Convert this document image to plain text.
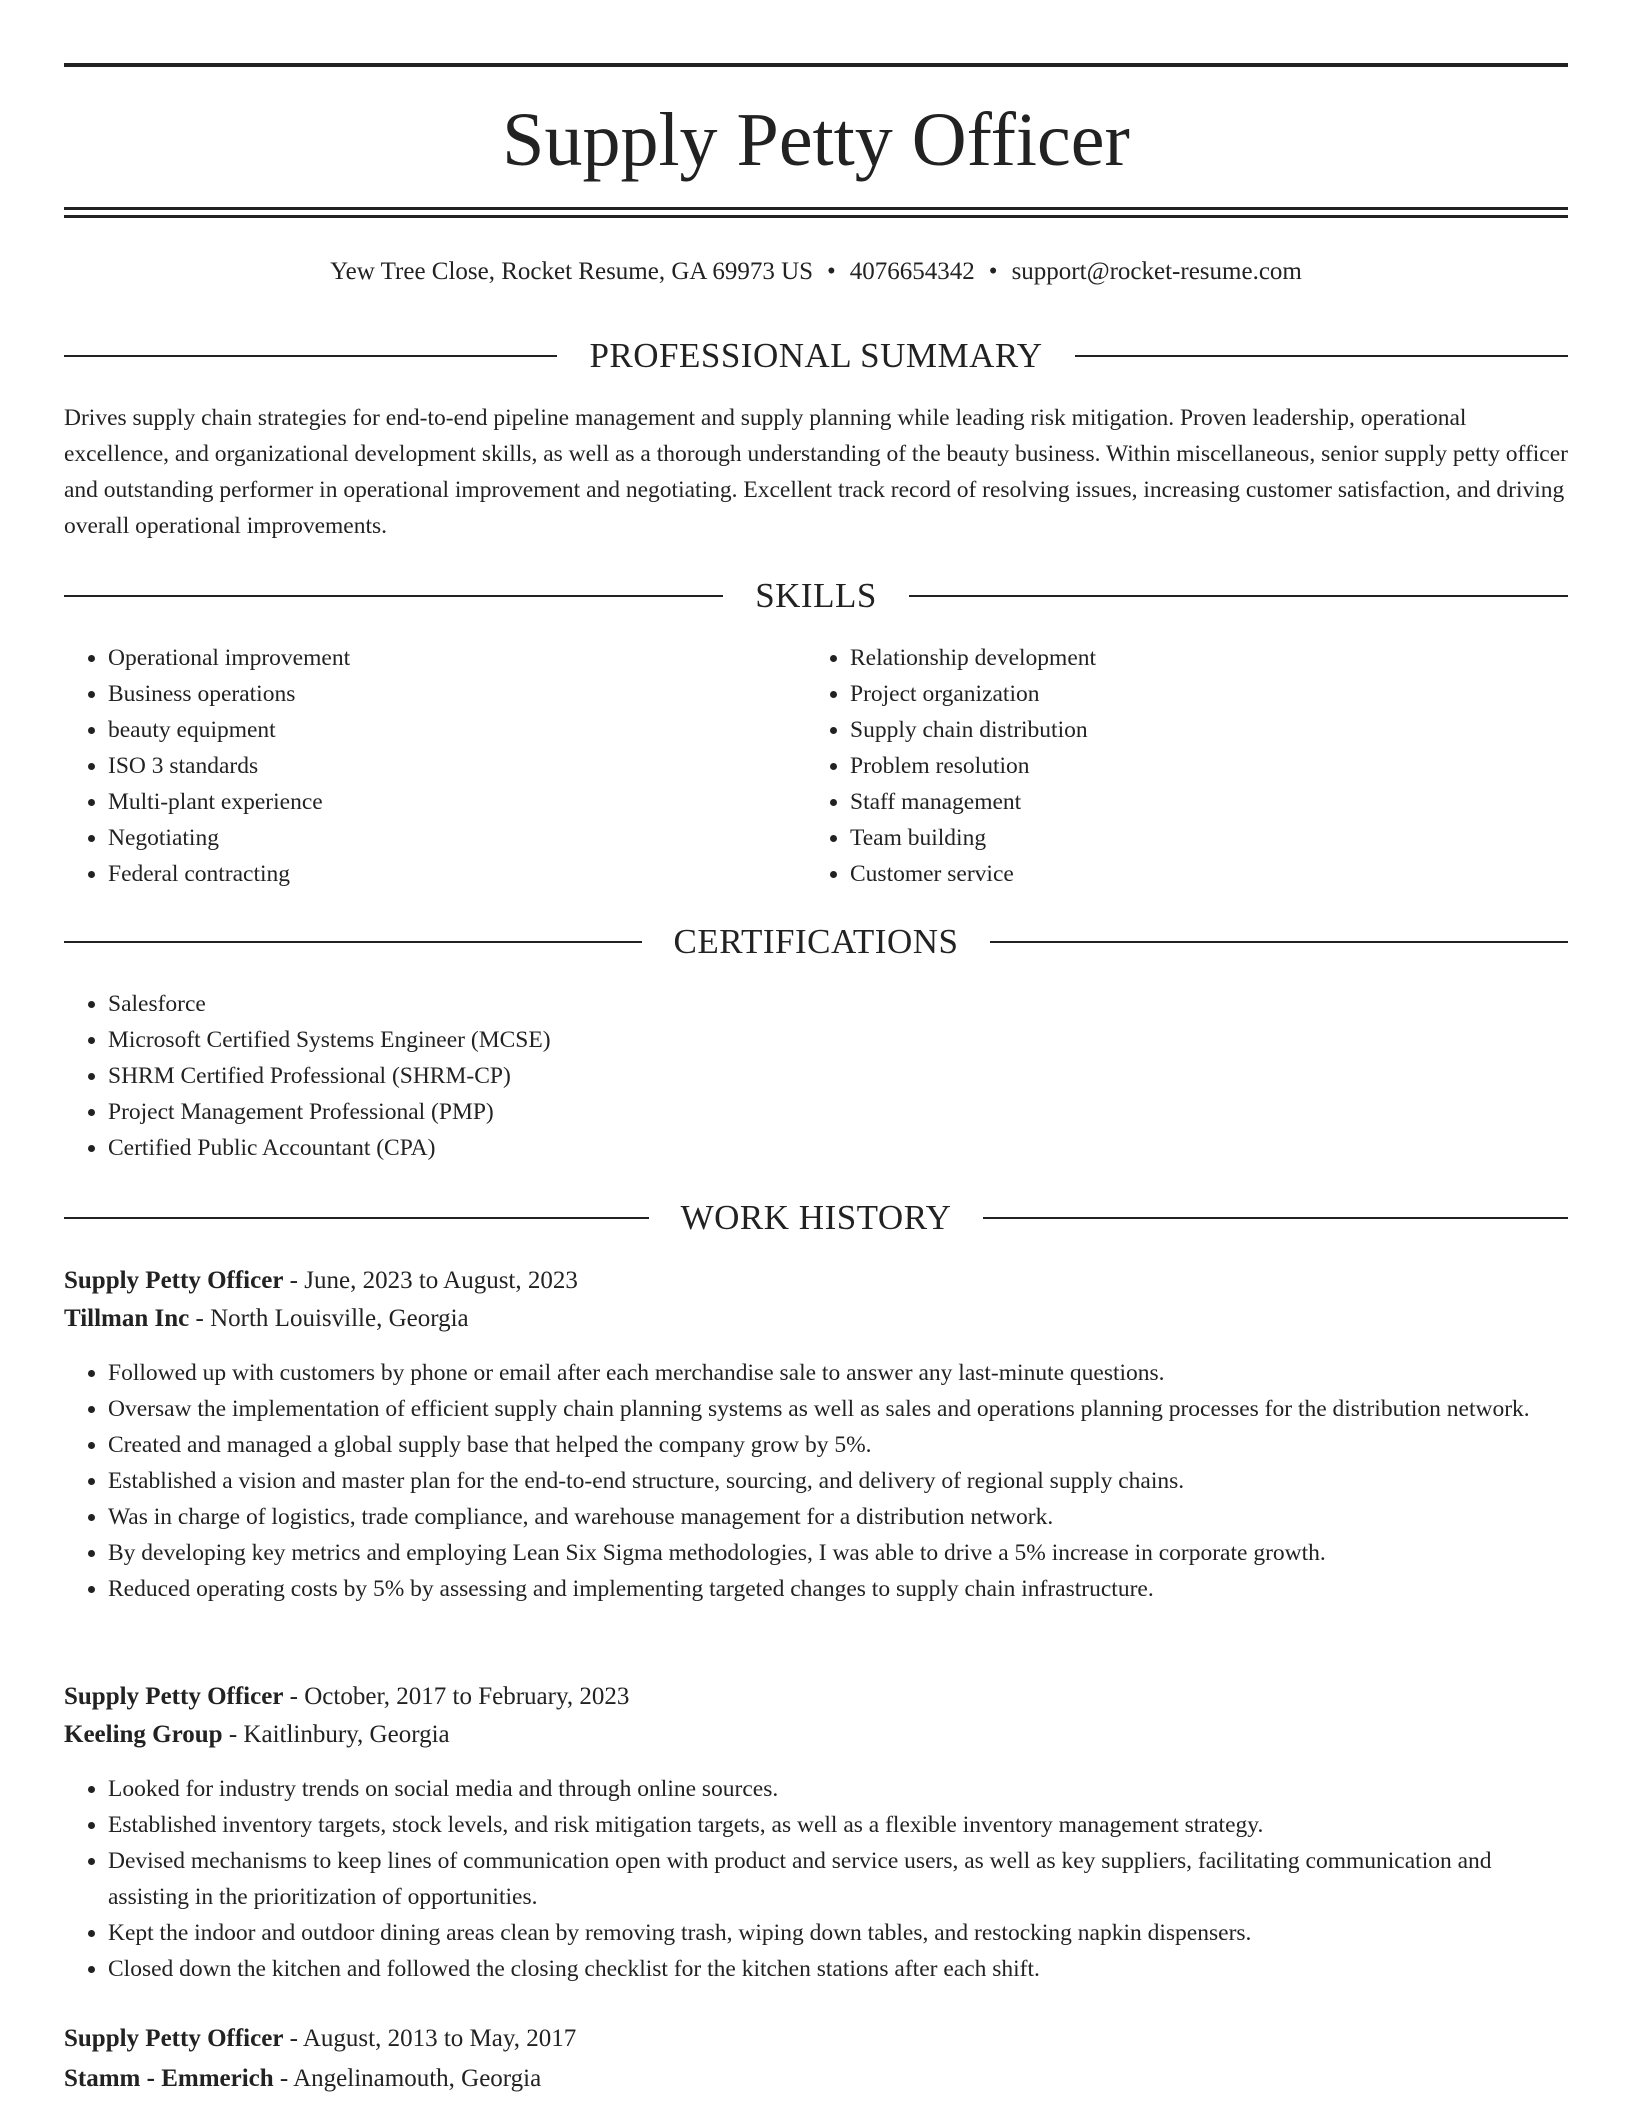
Supply Petty Officer
Yew Tree Close, Rocket Resume, GA 69973 US • 4076654342 • support@rocket-resume.com
PROFESSIONAL SUMMARY

Drives supply chain strategies for end-to-end pipeline management and supply planning while leading risk mitigation. Proven leadership, operational excellence, and organizational development skills, as well as a thorough understanding of the beauty business. Within miscellaneous, senior supply petty officer and outstanding performer in operational improvement and negotiating. Excellent track record of resolving issues, increasing customer satisfaction, and driving overall operational improvements.

SKILLS
• Operational improvement
• Business operations
• beauty equipment
• ISO 3 standards
• Multi-plant experience
• Negotiating
• Federal contracting
• Relationship development
• Project organization
• Supply chain distribution
• Problem resolution
• Staff management
• Team building
• Customer service
CERTIFICATIONS
• Salesforce
• Microsoft Certified Systems Engineer (MCSE)
• SHRM Certified Professional (SHRM-CP)
• Project Management Professional (PMP)
• Certified Public Accountant (CPA)
WORK HISTORY
Supply Petty Officer - June, 2023 to August, 2023
Tillman Inc - North Louisville, Georgia
• Followed up with customers by phone or email after each merchandise sale to answer any last-minute questions.
• Oversaw the implementation of efficient supply chain planning systems as well as sales and operations planning processes for the distribution network.
• Created and managed a global supply base that helped the company grow by 5%.
• Established a vision and master plan for the end-to-end structure, sourcing, and delivery of regional supply chains.
• Was in charge of logistics, trade compliance, and warehouse management for a distribution network.
• By developing key metrics and employing Lean Six Sigma methodologies, I was able to drive a 5% increase in corporate growth.
• Reduced operating costs by 5% by assessing and implementing targeted changes to supply chain infrastructure.
Supply Petty Officer - October, 2017 to February, 2023
Keeling Group - Kaitlinbury, Georgia
• Looked for industry trends on social media and through online sources.
• Established inventory targets, stock levels, and risk mitigation targets, as well as a flexible inventory management strategy.
• Devised mechanisms to keep lines of communication open with product and service users, as well as key suppliers, facilitating communication and assisting in the prioritization of opportunities.
• Kept the indoor and outdoor dining areas clean by removing trash, wiping down tables, and restocking napkin dispensers.
• Closed down the kitchen and followed the closing checklist for the kitchen stations after each shift.
Supply Petty Officer - August, 2013 to May, 2017
Stamm - Emmerich - Angelinamouth, Georgia
